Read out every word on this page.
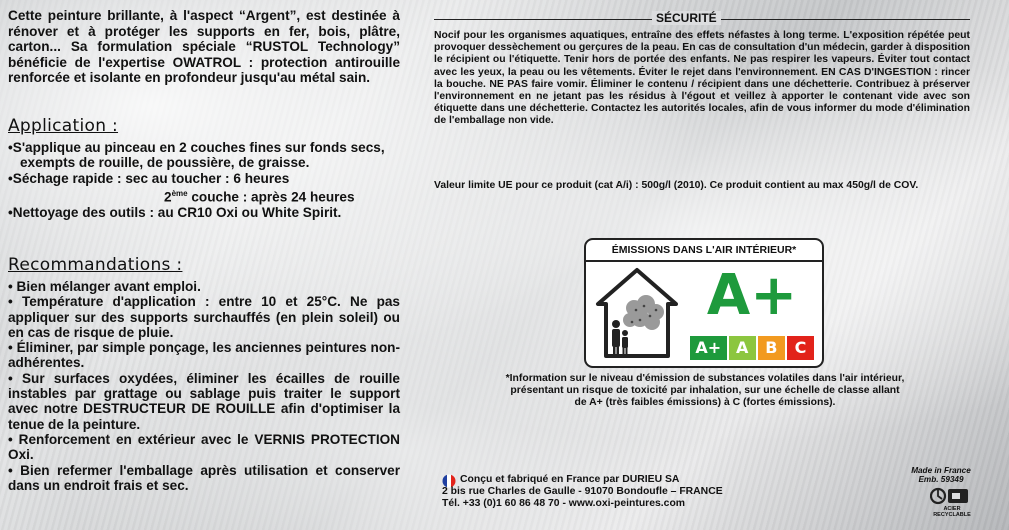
Cette peinture brillante, à l'aspect “Argent”, est destinée à rénover et à protéger les supports en fer, bois, plâtre, carton... Sa formulation spéciale “RUSTOL Technology” bénéficie de l'expertise OWATROL : protection antirouille renforcée et isolante en profondeur jusqu'au métal sain.
Application :

•S'applique au pinceau en 2 couches fines sur fonds secs,

exempts de rouille, de poussière, de graisse.

•Séchage rapide : sec au toucher : 6 heures

2ème couche : après 24 heures

•Nettoyage des outils : au CR10 Oxi ou White Spirit.

Recommandations :

• Bien mélanger avant emploi.

• Température d'application : entre 10 et 25°C. Ne pas appliquer sur des supports surchauffés (en plein soleil) ou en cas de risque de pluie.

• Éliminer, par simple ponçage, les anciennes peintures non-adhérentes.

• Sur surfaces oxydées, éliminer les écailles de rouille instables par grattage ou sablage puis traiter le support avec notre DESTRUCTEUR DE ROUILLE afin d'optimiser la tenue de la peinture.

• Renforcement en extérieur avec le VERNIS PROTECTION Oxi.

• Bien refermer l'emballage après utilisation et conserver dans un endroit frais et sec.

SÉCURITÉ
Nocif pour les organismes aquatiques, entraîne des effets néfastes à long terme. L'exposition répétée peut provoquer dessèchement ou gerçures de la peau. En cas de consultation d'un médecin, garder à disposition le récipient ou l'étiquette. Tenir hors de portée des enfants. Ne pas respirer les vapeurs. Éviter tout contact avec les yeux, la peau ou les vêtements. Éviter le rejet dans l'environnement. EN CAS D'INGESTION : rincer la bouche. NE PAS faire vomir. Éliminer le contenu / récipient dans une déchetterie. Contribuez à préserver l'environnement en ne jetant pas les résidus à l'égout et veillez à apporter le contenant vide avec son étiquette dans une déchetterie. Contactez les autorités locales, afin de vous informer du mode d'élimination de l'emballage non vide.
Valeur limite UE pour ce produit (cat A/i) : 500g/l (2010). Ce produit contient au max 450g/l de COV.
ÉMISSIONS DANS L'AIR INTÉRIEUR*
A+
A+ A	B	C
*Information sur le niveau d'émission de substances volatiles dans l'air intérieur,
présentant un risque de toxicité par inhalation, sur une échelle de classe allant
de A+ (très faibles émissions) à C (fortes émissions).
Conçu et fabriqué en France par DURIEU SA
2 bis rue Charles de Gaulle - 91070 Bondoufle – FRANCE
Tél. +33 (0)1 60 86 48 70 - www.oxi-peintures.com
Made in France
Emb. 59349
ACIER RECYCLABLE
